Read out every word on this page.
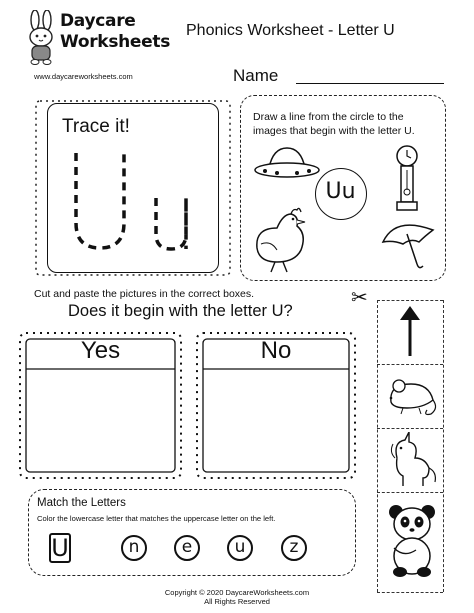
Daycare
Worksheets
www.daycareworksheets.com
Phonics Worksheet - Letter U
Name
Trace it!	Draw a line from the circle to the images that begin with the letter U.
Uu
Cut and paste the pictures in the correct boxes.
Does it begin with the letter U?
Yes	No
✂
Match the Letters
Color the lowercase letter that matches the uppercase letter on the left.
U	n	e	u	z
Copyright © 2020 DaycareWorksheets.com
All Rights Reserved
